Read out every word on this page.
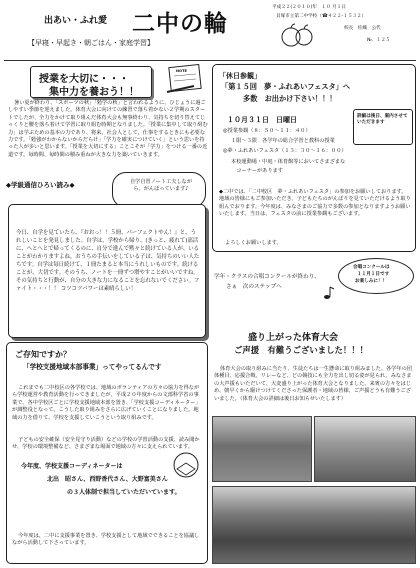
出あい・ふれ愛 二中の輪
【早寝・早起き・朝ごはん・家庭学習】
平成２２(２０１０)年　１０ 月１日
貝塚市立第二中学校（☎４２２-１５３２）
校長　佐織　公代
№．１２５
授業を大切に・・・
集中力を養おう！！
NOTE
暑い夏が終わり、「スポーツの秋」「勉学の秋」と言われるように、ひじょうに過ごしやすい季節を迎えました。体育大会に向けての練習で落ち着かない２学期のスタートでしたが、全力をかけて取り組んだ体育大会も無事終わり、気持ちを切り替えてじっくりと腰を落ち着けて学習に取り組む時期となりました。「授業に集中して取り組む力」は学ぶための基本の力であり、将来、社会人として、仕事をするときにも必要な力です。「勉強がわからないからだらけ」「学力を確実につけていく」という思いを持った人が多いと思います。「授業を大切にする」ことこそが「学力」をつける一番の近道です。毎時間、毎時間の積み重ねが大きな力を築いていきます。
◆学級通信ひろい読み◆	自学自習ノート工夫しながら、がんばっています♪
今日、自学を見ていたら、『おおっ！！５冊、パーフェクトやん！』と、うれしいことを発見しました。自学は、学校から帰り、(きっと、疲れて)部活に、へとへとで帰ってくるのに、自分で進んで黙々と続けている人が、いることがわかりますよね。おうちの手伝いをしている子は、気持ちのいい人たちです。自学は毎日続けて、１冊たまると本当にうれしいものです。続けることが、大切です。そのうち、ノートを一冊ずつ増やすことがいいですね。その気持ちと行動が、自分の大きな力になることを忘れないでください。ファイト・・・！！ コツコツパワーは素晴らしい！
ご存知ですか？
「学校支援地域本部事業」ってやってるんです
これまでも二中校区の各学校では、地域のボランティアの方々の協力を得ながら学校運営や教育活動を行ってきましたが、平成２０年度からの文部科学省の事業で、各中学校区ごとに学校支援地域本部を置き、「学校支援コーディネーター」が調整役となって、こうした取り組みをさらに広げていくことになりました。地域の力を借りて、学校を支援していこうという取り組みです。
子どもの安全確保（安全見守り活動）などの学校の学習活動の支援、読み聞かせ、学校の環境整備など、さまざまな場面で地域の方々に支えられています。
今年度、学校支援コーディネーターは
北出　昭さん、西野香代さん、大野富美さん
の３人体制で担当していただいています。
今年度は、二中に支援事業を置き、学校支援として地域でできることを協議しながら活動して下さっています。
「休日参観」
「第１５回　夢・ふれあいフェスタ」へ
多数　お出かけ下さい！！！
１０月３１日　日曜日	詳細は後日、案内させていただきます
◎授業参観（８：５０〜１１：４０）
１限〜３限　各学年の総合学習と教科の授業
◎夢・ふれあいフェスタ（１３：３０〜１６：００）
本校運動場・中庭・体育館等においてさまざまな
　コーナーがあります
◆二中では、「二中校区　夢・ふれあいフェスタ」の参加をお願いしております。地域の皆様にもご参加いただき、子どもたちのがんばりを見ていただけるよう取り組んでおります。今年度は、みなさまのご協力で多数の参加となりますようお願いいたします。当日は、フェスタの前に授業参観もございます。
よろしくお願いします。
学年・クラスの合唱コンクールが終わり、
さぁ　次のステップへ
合唱コンクールは
１１月１日です
お楽しみに！！
盛り上がった体育大会
ご声援　有難うございました！！！
体育大会の取り組みに当たり、生徒たちは一生懸命に取り組みました。各学年の団体種目、応援合戦、リレーなど、どの競技にも全力を出し切る姿が見られ、みなさまの大声援もいただいて、大変盛り上がった体育大会となりました。来賓の方々をはじめ、朝早くから駆けつけてくださった保護者・地域の皆様、ご声援どうも有難うございました。（体育大会の詳細は後日お知らせいたします）
